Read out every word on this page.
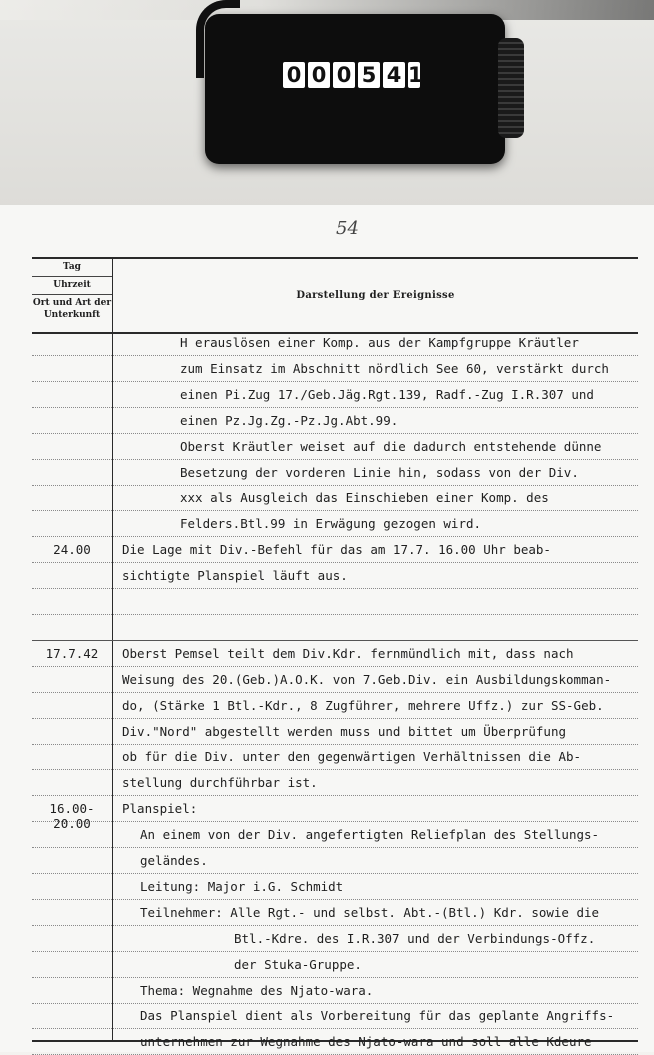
0 0 0 5 4 1
54
Tag
Uhrzeit
Ort und Art der Unterkunft
Darstellung der Ereignisse
H erauslösen einer Komp. aus der Kampfgruppe Kräutler
zum Einsatz im Abschnitt nördlich See 60, verstärkt durch
einen Pi.Zug 17./Geb.Jäg.Rgt.139, Radf.-Zug I.R.307 und
einen Pz.Jg.Zg.-Pz.Jg.Abt.99.
Oberst Kräutler weiset auf die dadurch entstehende dünne
Besetzung der vorderen Linie hin, sodass von der Div.
xxx als Ausgleich das Einschieben einer Komp. des
Felders.Btl.99 in Erwägung gezogen wird.
24.00	Die Lage mit Div.-Befehl für das am 17.7. 16.00 Uhr beab-
sichtigte Planspiel läuft aus.
17.7.42	Oberst Pemsel teilt dem Div.Kdr. fernmündlich mit, dass nach
Weisung des 20.(Geb.)A.O.K. von 7.Geb.Div. ein Ausbildungskomman-
do, (Stärke 1 Btl.-Kdr., 8 Zugführer, mehrere Uffz.) zur SS-Geb.
Div."Nord" abgestellt werden muss und bittet um Überprüfung
ob für die Div. unter den gegenwärtigen Verhältnissen die Ab-
stellung durchführbar ist.
16.00-20.00
Planspiel:
An einem von der Div. angefertigten Reliefplan des Stellungs-
geländes.
Leitung: Major i.G. Schmidt
Teilnehmer: Alle Rgt.- und selbst. Abt.-(Btl.) Kdr. sowie die
Btl.-Kdre. des I.R.307 und der Verbindungs-Offz.
der Stuka-Gruppe.
Thema: Wegnahme des Njato-wara.
Das Planspiel dient als Vorbereitung für das geplante Angriffs-
unternehmen zur Wegnahme des Njato-wara und soll alle Kdeure
